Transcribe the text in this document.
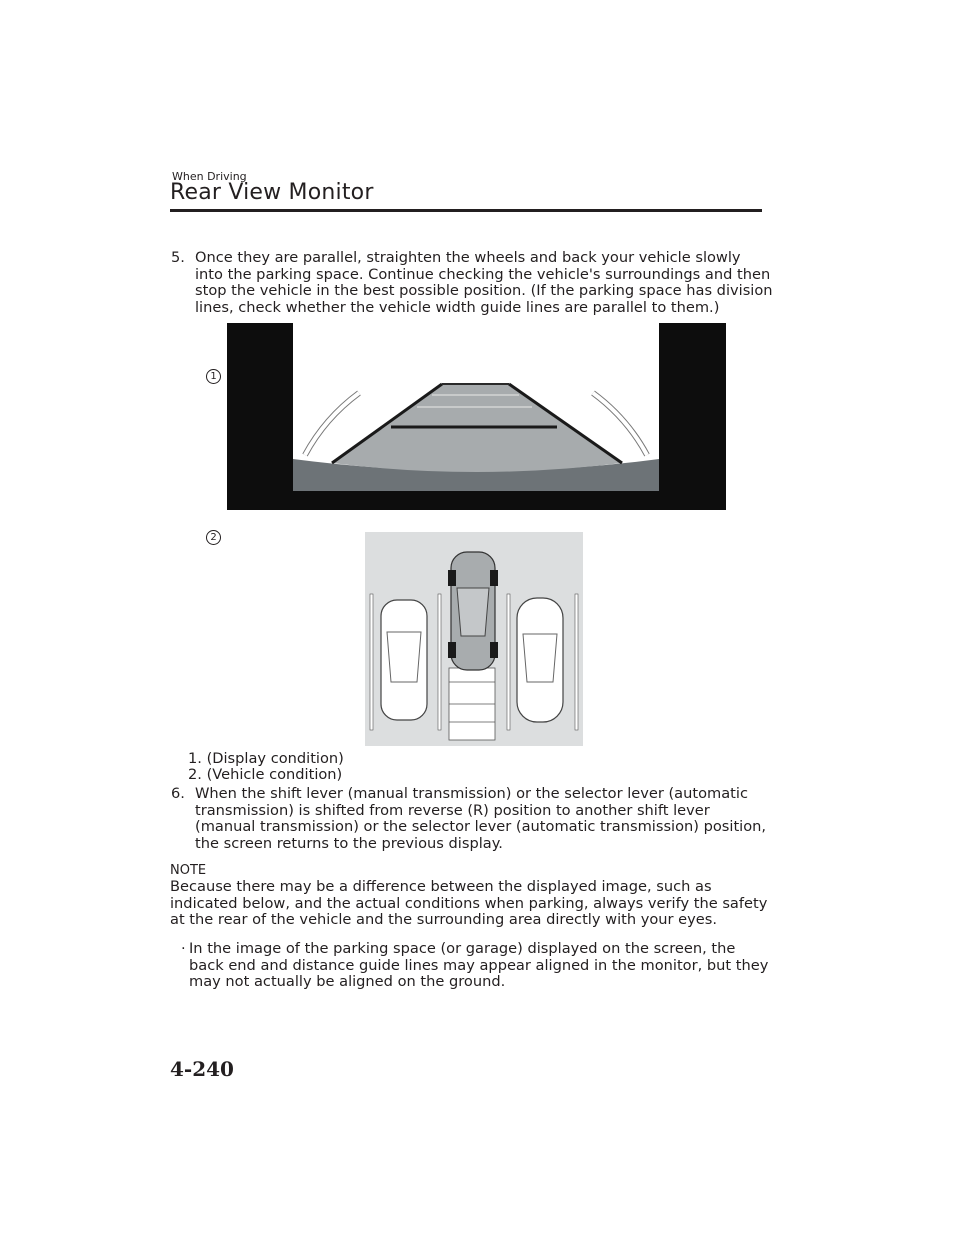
When Driving
Rear View Monitor
5. Once they are parallel, straighten the wheels and back your vehicle slowly into the parking space. Continue checking the vehicle's surroundings and then stop the vehicle in the best possible position. (If the parking space has division lines, check whether the vehicle width guide lines are parallel to them.)
1
2
1. (Display condition)
2. (Vehicle condition)
6. When the shift lever (manual transmission) or the selector lever (automatic transmission) is shifted from reverse (R) position to another shift lever (manual transmission) or the selector lever (automatic transmission) position, the screen returns to the previous display.
NOTE
Because there may be a difference between the displayed image, such as indicated below, and the actual conditions when parking, always verify the safety at the rear of the vehicle and the surrounding area directly with your eyes.
· In the image of the parking space (or garage) displayed on the screen, the back end and distance guide lines may appear aligned in the monitor, but they may not actually be aligned on the ground.
4-240
